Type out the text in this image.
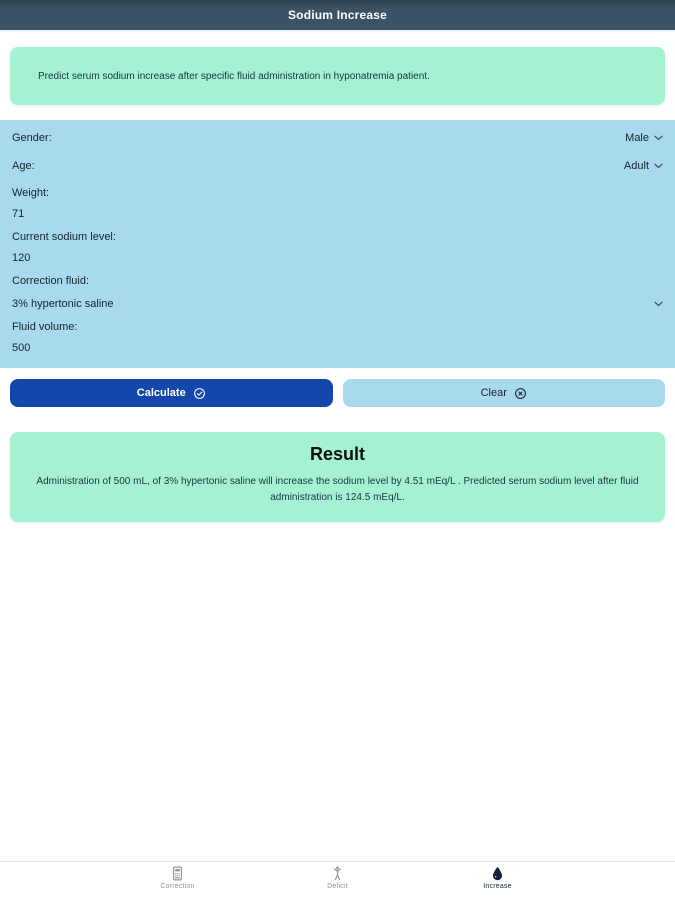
Sodium Increase
Predict serum sodium increase after specific fluid administration in hyponatremia patient.
Gender:	Male
Age:	Adult
Weight:
71
Current sodium level:
120
Correction fluid:
3% hypertonic saline
Fluid volume:
500
Calculate	Clear
Result
Administration of 500 mL, of 3% hypertonic saline will increase the sodium level by 4.51 mEq/L . Predicted serum sodium level after fluid administration is 124.5 mEq/L.
Correction	Deficit	Increase
